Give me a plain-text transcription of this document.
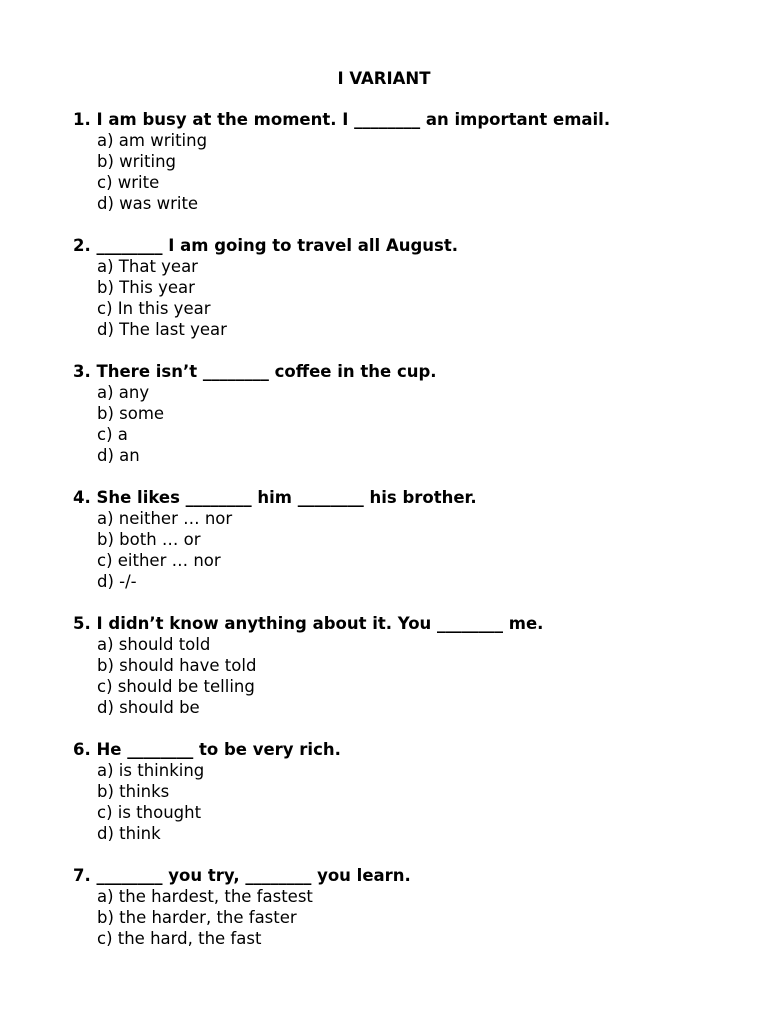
I VARIANT
1. I am busy at the moment. I ________ an important email.
a) am writing
b) writing
c) write
d) was write
2. ________ I am going to travel all August.
a) That year
b) This year
c) In this year
d) The last year
3. There isn’t ________ coffee in the cup.
a) any
b) some
c) a
d) an
4. She likes ________ him ________ his brother.
a) neither … nor
b) both … or
c) either … nor
d) -/-
5. I didn’t know anything about it. You ________ me.
a) should told
b) should have told
c) should be telling
d) should be
6. He ________ to be very rich.
a) is thinking
b) thinks
c) is thought
d) think
7. ________ you try, ________ you learn.
a) the hardest, the fastest
b) the harder, the faster
c) the hard, the fast
